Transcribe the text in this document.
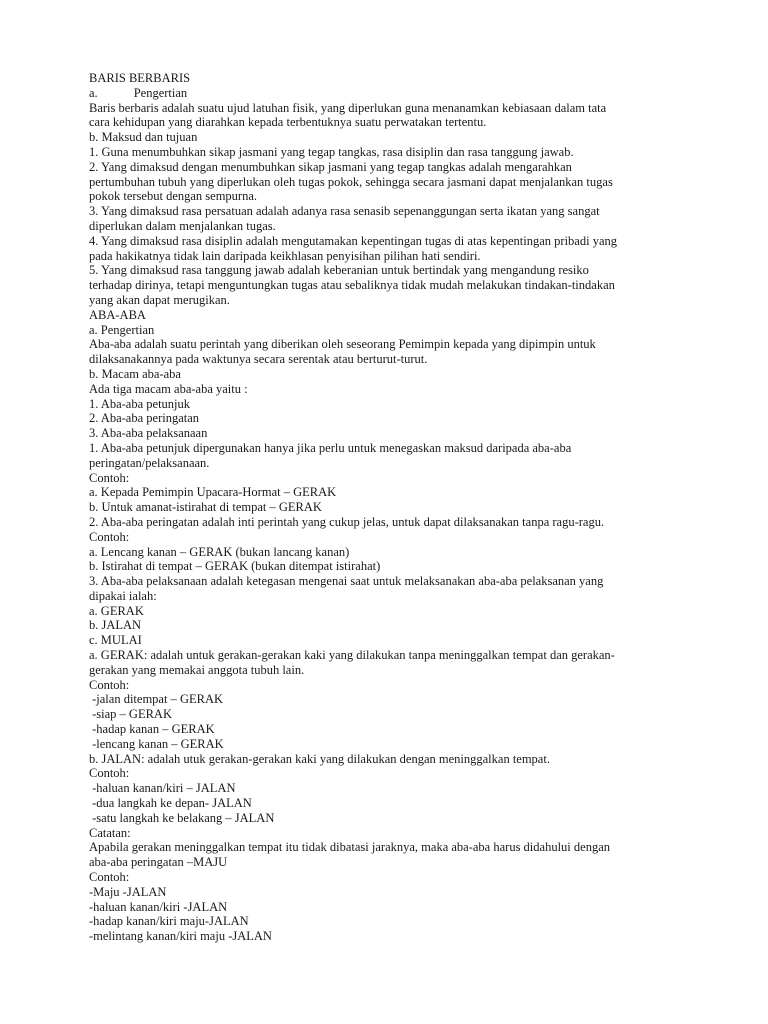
BARIS BERBARIS
a.	Pengertian
Baris berbaris adalah suatu ujud latuhan fisik, yang diperlukan guna menanamkan kebiasaan dalam tata
cara kehidupan yang diarahkan kepada terbentuknya suatu perwatakan tertentu.
b. Maksud dan tujuan
1. Guna menumbuhkan sikap jasmani yang tegap tangkas, rasa disiplin dan rasa tanggung jawab.
2. Yang dimaksud dengan menumbuhkan sikap jasmani yang tegap tangkas adalah mengarahkan
pertumbuhan tubuh yang diperlukan oleh tugas pokok, sehingga secara jasmani dapat menjalankan tugas
pokok tersebut dengan sempurna.
3. Yang dimaksud rasa persatuan adalah adanya rasa senasib sepenanggungan serta ikatan yang sangat
diperlukan dalam menjalankan tugas.
4. Yang dimaksud rasa disiplin adalah mengutamakan kepentingan tugas di atas kepentingan pribadi yang
pada hakikatnya tidak lain daripada keikhlasan penyisihan pilihan hati sendiri.
5. Yang dimaksud rasa tanggung jawab adalah keberanian untuk bertindak yang mengandung resiko
terhadap dirinya, tetapi menguntungkan tugas atau sebaliknya tidak mudah melakukan tindakan-tindakan
yang akan dapat merugikan.
ABA-ABA
a. Pengertian
Aba-aba adalah suatu perintah yang diberikan oleh seseorang Pemimpin kepada yang dipimpin untuk
dilaksanakannya pada waktunya secara serentak atau berturut-turut.
b. Macam aba-aba
Ada tiga macam aba-aba yaitu :
1. Aba-aba petunjuk
2. Aba-aba peringatan
3. Aba-aba pelaksanaan
1. Aba-aba petunjuk dipergunakan hanya jika perlu untuk menegaskan maksud daripada aba-aba
peringatan/pelaksanaan.
Contoh:
a. Kepada Pemimpin Upacara-Hormat – GERAK
b. Untuk amanat-istirahat di tempat – GERAK
2. Aba-aba peringatan adalah inti perintah yang cukup jelas, untuk dapat dilaksanakan tanpa ragu-ragu.
Contoh:
a. Lencang kanan – GERAK (bukan lancang kanan)
b. Istirahat di tempat – GERAK (bukan ditempat istirahat)
3. Aba-aba pelaksanaan adalah ketegasan mengenai saat untuk melaksanakan aba-aba pelaksanan yang
dipakai ialah:
a. GERAK
b. JALAN
c. MULAI
a. GERAK: adalah untuk gerakan-gerakan kaki yang dilakukan tanpa meninggalkan tempat dan gerakan-
gerakan yang memakai anggota tubuh lain.
Contoh:
-jalan ditempat – GERAK
-siap – GERAK
-hadap kanan – GERAK
-lencang kanan – GERAK
b. JALAN: adalah utuk gerakan-gerakan kaki yang dilakukan dengan meninggalkan tempat.
Contoh:
-haluan kanan/kiri – JALAN
-dua langkah ke depan- JALAN
-satu langkah ke belakang – JALAN
Catatan:
Apabila gerakan meninggalkan tempat itu tidak dibatasi jaraknya, maka aba-aba harus didahului dengan
aba-aba peringatan –MAJU
Contoh:
-Maju -JALAN
-haluan kanan/kiri -JALAN
-hadap kanan/kiri maju-JALAN
-melintang kanan/kiri maju -JALAN
